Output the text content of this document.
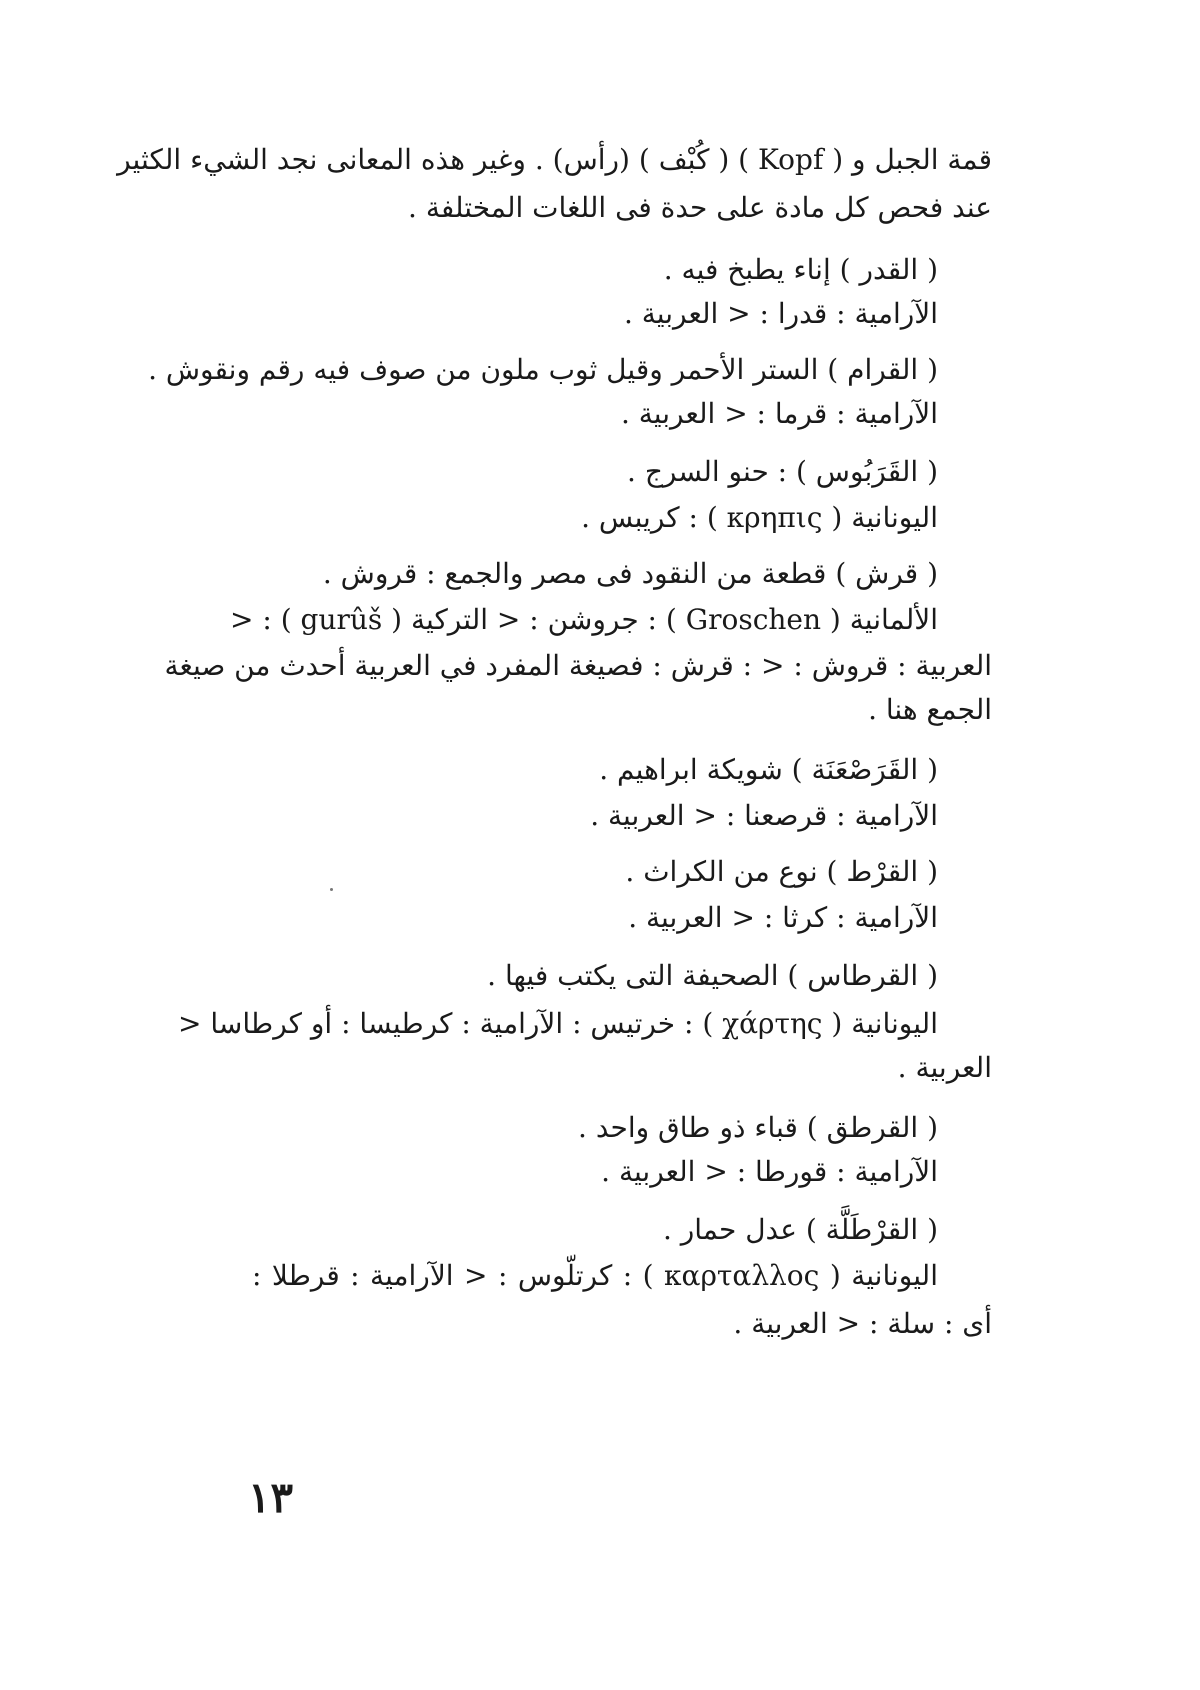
قمة الجبل و ( Kopf ) ( كُبْف ) (رأس) . وغير هذه المعانى نجد الشيء الكثير
عند فحص كل مادة على حدة فى اللغات المختلفة .
( القدر ) إناء يطبخ فيه .
الآرامية : قدرا : < العربية .
( القرام ) الستر الأحمر وقيل ثوب ملون من صوف فيه رقم ونقوش .
الآرامية : قرما : < العربية .
( القَرَبُوس ) : حنو السرج .
اليونانية ( κρηπις ) : كريبس .
( قرش ) قطعة من النقود فى مصر والجمع : قروش .
الألمانية ( Groschen ) : جروشن : < التركية ( gurûš ) : <
العربية : قروش : < : قرش : فصيغة المفرد في العربية أحدث من صيغة
الجمع هنا .
( القَرَصْعَنَة ) شويكة ابراهيم .
الآرامية : قرصعنا : < العربية .
( القرْط ) نوع من الكراث .
الآرامية : كرثا : < العربية .
( القرطاس ) الصحيفة التى يكتب فيها .
اليونانية ( χάρτης ) : خرتيس : الآرامية : كرطيسا : أو كرطاسا <
العربية .
( القرطق ) قباء ذو طاق واحد .
الآرامية : قورطا : < العربية .
( القرْطَلَّة ) عدل حمار .
اليونانية ( καρταλλος ) : كرتلّوس : < الآرامية : قرطلا :
أى : سلة : < العربية .
١٣
